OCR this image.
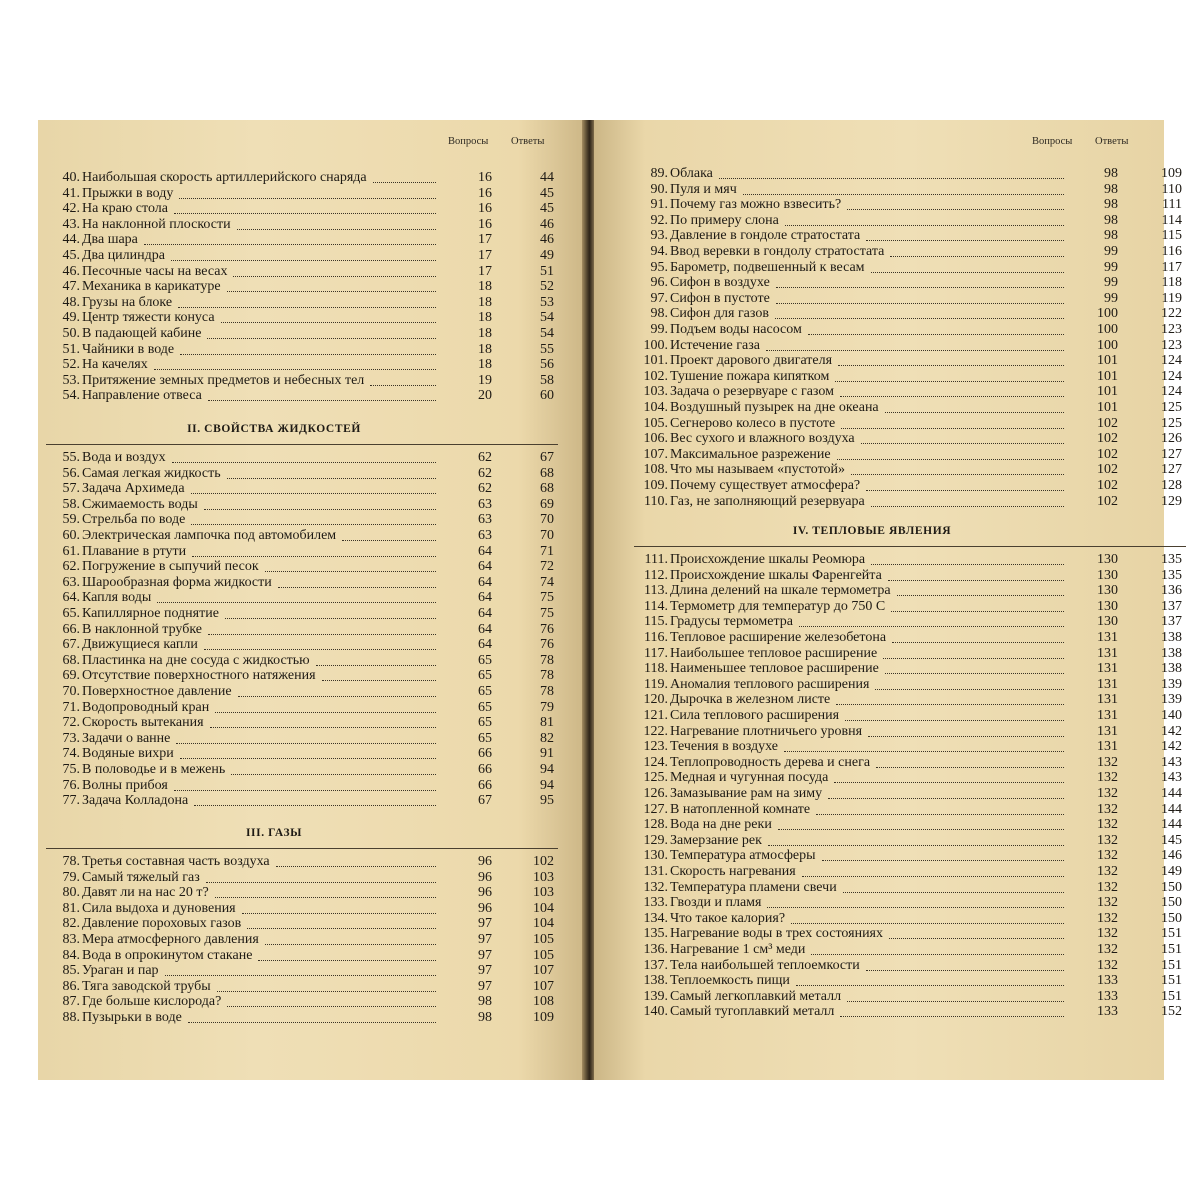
Вопросы Ответы
40. Наибольшая скорость артиллерийского снаряда	16	44
41. Прыжки в воду	16	45
42. На краю стола	16	45
43. На наклонной плоскости	16	46
44. Два шара	17	46
45. Два цилиндра	17	49
46. Песочные часы на весах	17	51
47. Механика в карикатуре	18	52
48. Грузы на блоке	18	53
49. Центр тяжести конуса	18	54
50. В падающей кабине	18	54
51. Чайники в воде	18	55
52. На качелях	18	56
53. Притяжение земных предметов и небесных тел	19	58
54. Направление отвеса	20	60
II. СВОЙСТВА ЖИДКОСТЕЙ
55. Вода и воздух	62	67
56. Самая легкая жидкость	62	68
57. Задача Архимеда	62	68
58. Сжимаемость воды	63	69
59. Стрельба по воде	63	70
60. Электрическая лампочка под автомобилем	63	70
61. Плавание в ртути	64	71
62. Погружение в сыпучий песок	64	72
63. Шарообразная форма жидкости	64	74
64. Капля воды	64	75
65. Капиллярное поднятие	64	75
66. В наклонной трубке	64	76
67. Движущиеся капли	64	76
68. Пластинка на дне сосуда с жидкостью	65	78
69. Отсутствие поверхностного натяжения	65	78
70. Поверхностное давление	65	78
71. Водопроводный кран	65	79
72. Скорость вытекания	65	81
73. Задачи о ванне	65	82
74. Водяные вихри	66	91
75. В половодье и в межень	66	94
76. Волны прибоя	66	94
77. Задача Колладона	67	95
III. ГАЗЫ
78. Третья составная часть воздуха	96	102
79. Самый тяжелый газ	96	103
80. Давят ли на нас 20 т?	96	103
81. Сила выдоха и дуновения	96	104
82. Давление пороховых газов	97	104
83. Мера атмосферного давления	97	105
84. Вода в опрокинутом стакане	97	105
85. Ураган и пар	97	107
86. Тяга заводской трубы	97	107
87. Где больше кислорода?	98	108
88. Пузырьки в воде	98	109
Вопросы Ответы
89. Облака	98	109
90. Пуля и мяч	98	110
91. Почему газ можно взвесить?	98	111
92. По примеру слона	98	114
93. Давление в гондоле стратостата	98	115
94. Ввод веревки в гондолу стратостата	99	116
95. Барометр, подвешенный к весам	99	117
96. Сифон в воздухе	99	118
97. Сифон в пустоте	99	119
98. Сифон для газов	100	122
99. Подъем воды насосом	100	123
100. Истечение газа	100	123
101. Проект дарового двигателя	101	124
102. Тушение пожара кипятком	101	124
103. Задача о резервуаре с газом	101	124
104. Воздушный пузырек на дне океана	101	125
105. Сегнерово колесо в пустоте	102	125
106. Вес сухого и влажного воздуха	102	126
107. Максимальное разрежение	102	127
108. Что мы называем «пустотой»	102	127
109. Почему существует атмосфера?	102	128
110. Газ, не заполняющий резервуара	102	129
IV. ТЕПЛОВЫЕ ЯВЛЕНИЯ
111. Происхождение шкалы Реомюра	130	135
112. Происхождение шкалы Фаренгейта	130	135
113. Длина делений на шкале термометра	130	136
114. Термометр для температур до 750 С	130	137
115. Градусы термометра	130	137
116. Тепловое расширение железобетона	131	138
117. Наибольшее тепловое расширение	131	138
118. Наименьшее тепловое расширение	131	138
119. Аномалия теплового расширения	131	139
120. Дырочка в железном листе	131	139
121. Сила теплового расширения	131	140
122. Нагревание плотничьего уровня	131	142
123. Течения в воздухе	131	142
124. Теплопроводность дерева и снега	132	143
125. Медная и чугунная посуда	132	143
126. Замазывание рам на зиму	132	144
127. В натопленной комнате	132	144
128. Вода на дне реки	132	144
129. Замерзание рек	132	145
130. Температура атмосферы	132	146
131. Скорость нагревания	132	149
132. Температура пламени свечи	132	150
133. Гвозди и пламя	132	150
134. Что такое калория?	132	150
135. Нагревание воды в трех состояниях	132	151
136. Нагревание 1 см³ меди	132	151
137. Тела наибольшей теплоемкости	132	151
138. Теплоемкость пищи	133	151
139. Самый легкоплавкий металл	133	151
140. Самый тугоплавкий металл	133	152
